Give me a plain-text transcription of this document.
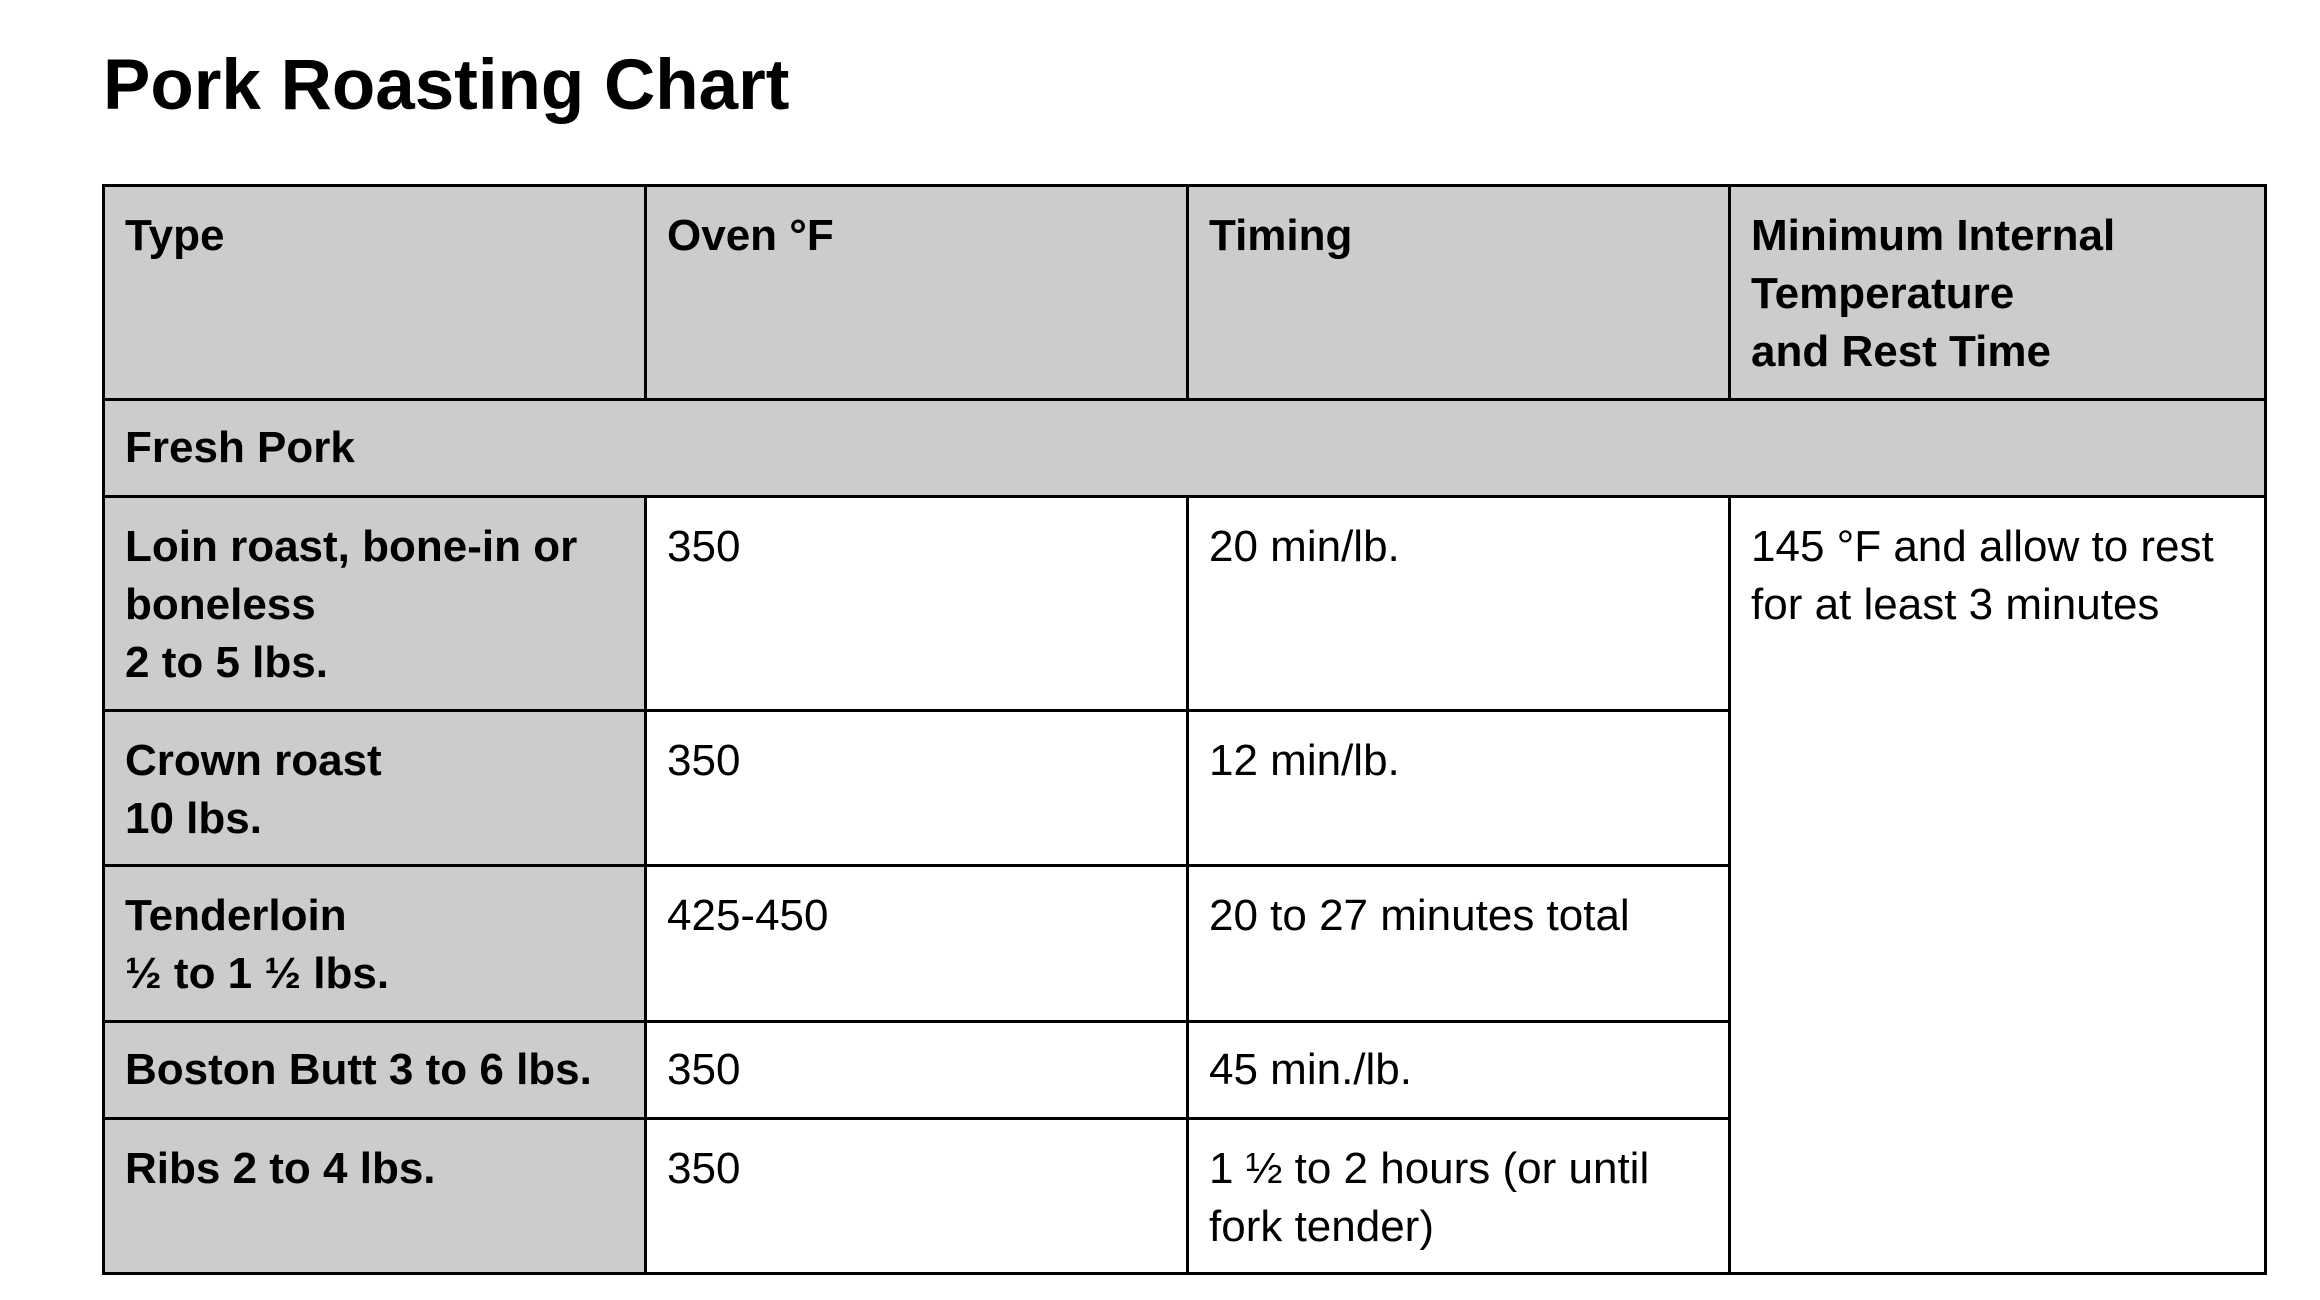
Pork Roasting Chart
Type	Oven °F	Timing	Minimum Internal
Temperature
and Rest Time
Fresh Pork			
Loin roast, bone-in or
boneless
2 to 5 lbs.	350	20 min/lb.	145 °F and allow to rest
for at least 3 minutes
Crown roast
10 lbs.	350	12 min/lb.	
Tenderloin
½ to 1 ½ lbs.	425-450	20 to 27 minutes total	
Boston Butt 3 to 6 lbs.	350	45 min./lb.	
Ribs 2 to 4 lbs.	350	1 ½ to 2 hours (or until
fork tender)	
